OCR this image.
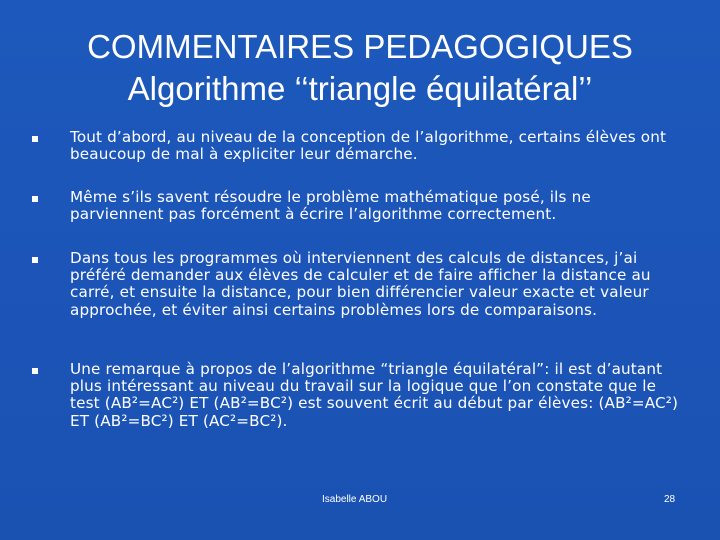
COMMENTAIRES PEDAGOGIQUES
Algorithme ‘‘triangle équilatéral’’
Tout d’abord, au niveau de la conception de l’algorithme, certains élèves ont beaucoup de mal à expliciter leur démarche.
Même s’ils savent résoudre le problème mathématique posé, ils ne parviennent pas forcément à écrire l’algorithme correctement.
Dans tous les programmes où interviennent des calculs de distances, j’ai préféré demander aux élèves de calculer et de faire afficher la distance au carré, et ensuite la distance, pour bien différencier valeur exacte et valeur approchée, et éviter ainsi certains problèmes lors de comparaisons.
Une remarque à propos de l’algorithme “triangle équilatéral”: il est d’autant plus intéressant au niveau du travail sur la logique que l’on constate que le test (AB²=AC²) ET (AB²=BC²) est souvent écrit au début par élèves: (AB²=AC²) ET (AB²=BC²) ET (AC²=BC²).
Isabelle ABOU	28
